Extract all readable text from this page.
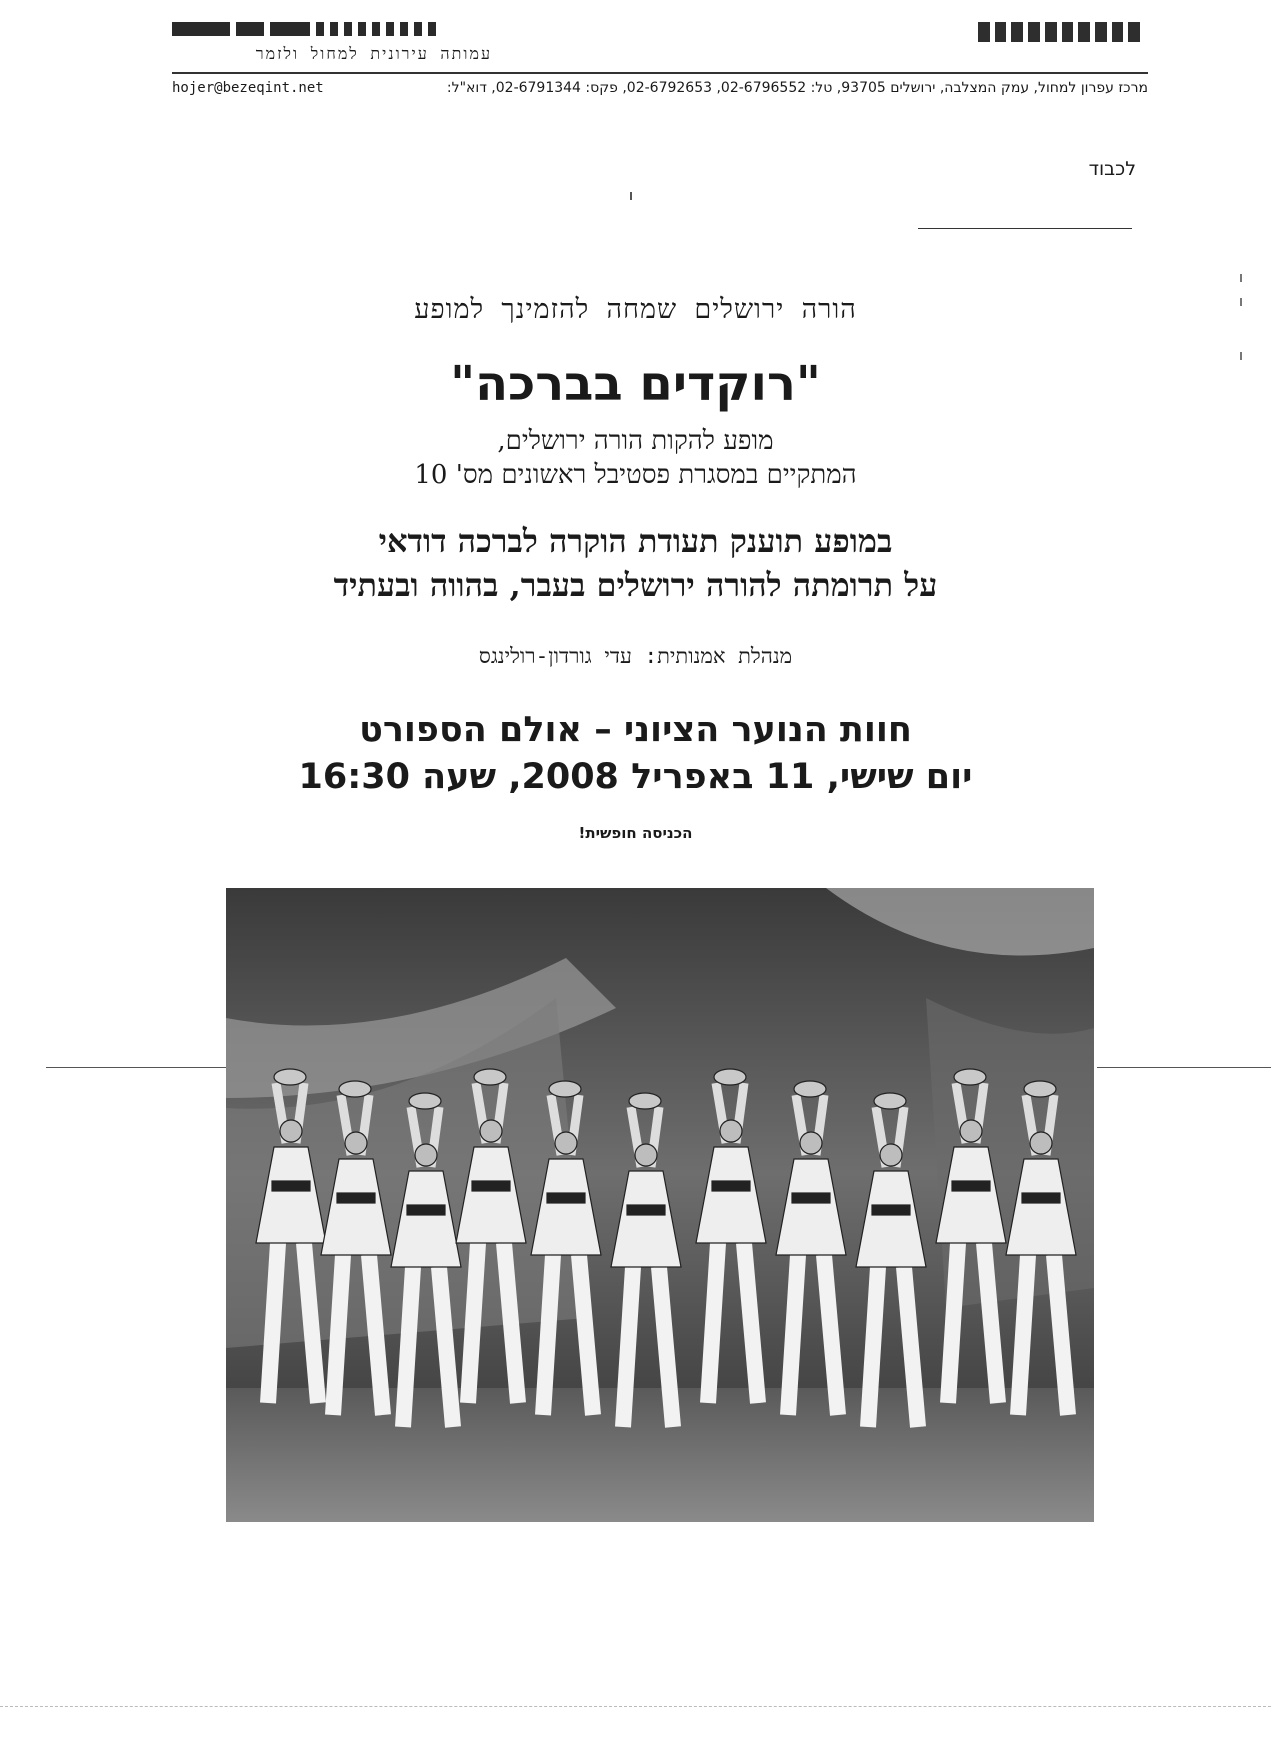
עמותה עירונית למחול ולזמר
מרכז עפרון למחול, עמק המצלבה, ירושלים 93705, טל: 02-6796552, 02-6792653, פקס: 02-6791344, דוא"ל:
hojer@bezeqint.net
לכבוד
הורה ירושלים שמחה להזמינך למופע
"רוקדים בברכה"
מופע להקות הורה ירושלים,
המתקיים במסגרת פסטיבל ראשונים מס' 10
במופע תוענק תעודת הוקרה לברכה דודאי
על תרומתה להורה ירושלים בעבר, בהווה ובעתיד
מנהלת אמנותית: עדי גורדון-רולינגס
חוות הנוער הציוני – אולם הספורט
יום שישי, 11 באפריל 2008, שעה 16:30
הכניסה חופשית!
